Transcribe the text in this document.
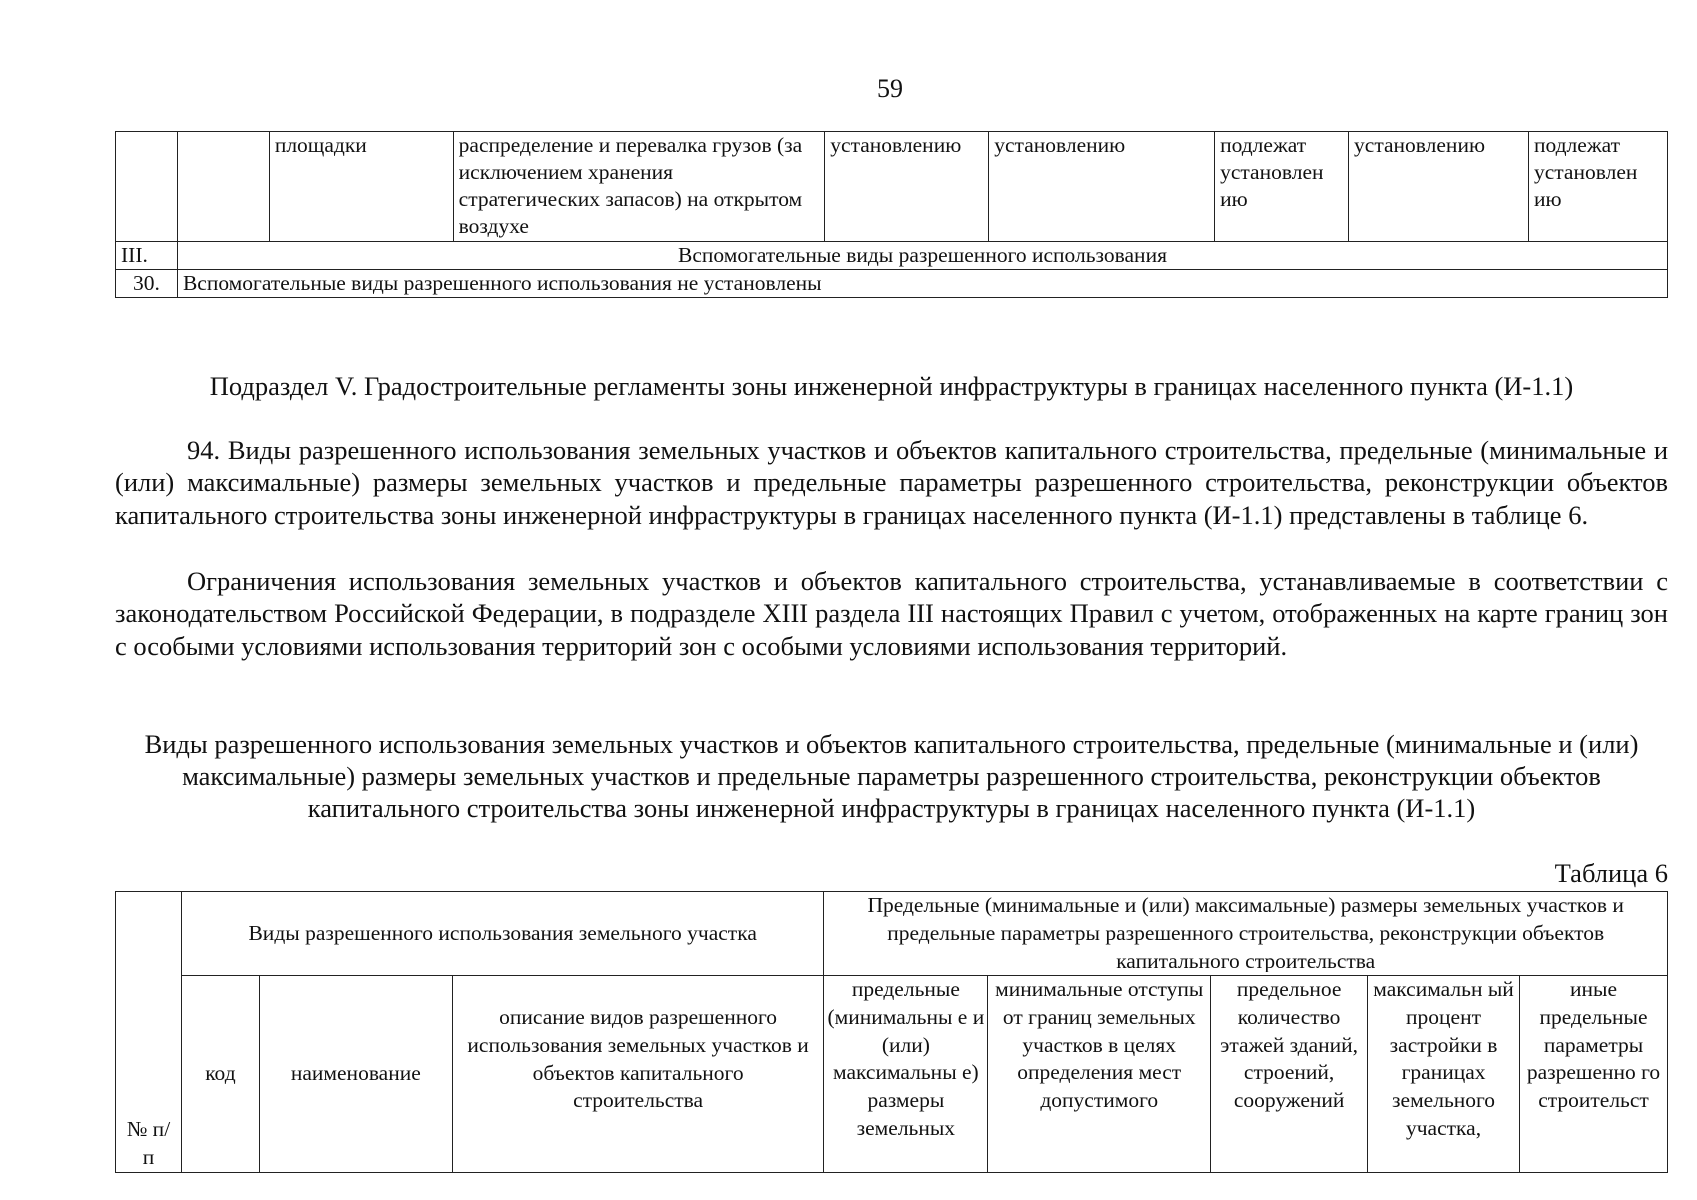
59
		площадки	распределение и перевалка грузов (за исключением хранения стратегических запасов) на открытом воздухе	установлению	установлению	подлежат установлен ию	установлению	подлежат установлен ию
III.	Вспомогательные виды разрешенного использования							
30.	Вспомогательные виды разрешенного использования не установлены							
Подраздел V. Градостроительные регламенты зоны инженерной инфраструктуры в границах населенного пункта (И-1.1)
94. Виды разрешенного использования земельных участков и объектов капитального строительства, предельные (минимальные и (или) максимальные) размеры земельных участков и предельные параметры разрешенного строительства, реконструкции объектов капитального строительства зоны инженерной инфраструктуры в границах населенного пункта (И-1.1) представлены в таблице 6.
Ограничения использования земельных участков и объектов капитального строительства, устанавливаемые в соответствии с законодательством Российской Федерации, в подразделе XIII раздела III настоящих Правил с учетом, отображенных на карте границ зон с особыми условиями использования территорий зон с особыми условиями использования территорий.
Виды разрешенного использования земельных участков и объектов капитального строительства, предельные (минимальные и (или) максимальные) размеры земельных участков и предельные параметры разрешенного строительства, реконструкции объектов капитального строительства зоны инженерной инфраструктуры в границах населенного пункта (И-1.1)
Таблица 6
№ п/п	Виды разрешенного использования земельного участка			Предельные (минимальные и (или) максимальные) размеры земельных участков и предельные параметры разрешенного строительства, реконструкции объектов капитального строительства				

	код	наименование	описание видов разрешенного использования земельных участков и объектов капитального строительства	предельные (минимальны е и (или) максимальны е) размеры земельных	минимальные отступы от границ земельных участков в целях определения мест допустимого	предельное количество этажей зданий, строений, сооружений	максимальн ый процент застройки в границах земельного участка,	иные предельные параметры разрешенно го строительст
